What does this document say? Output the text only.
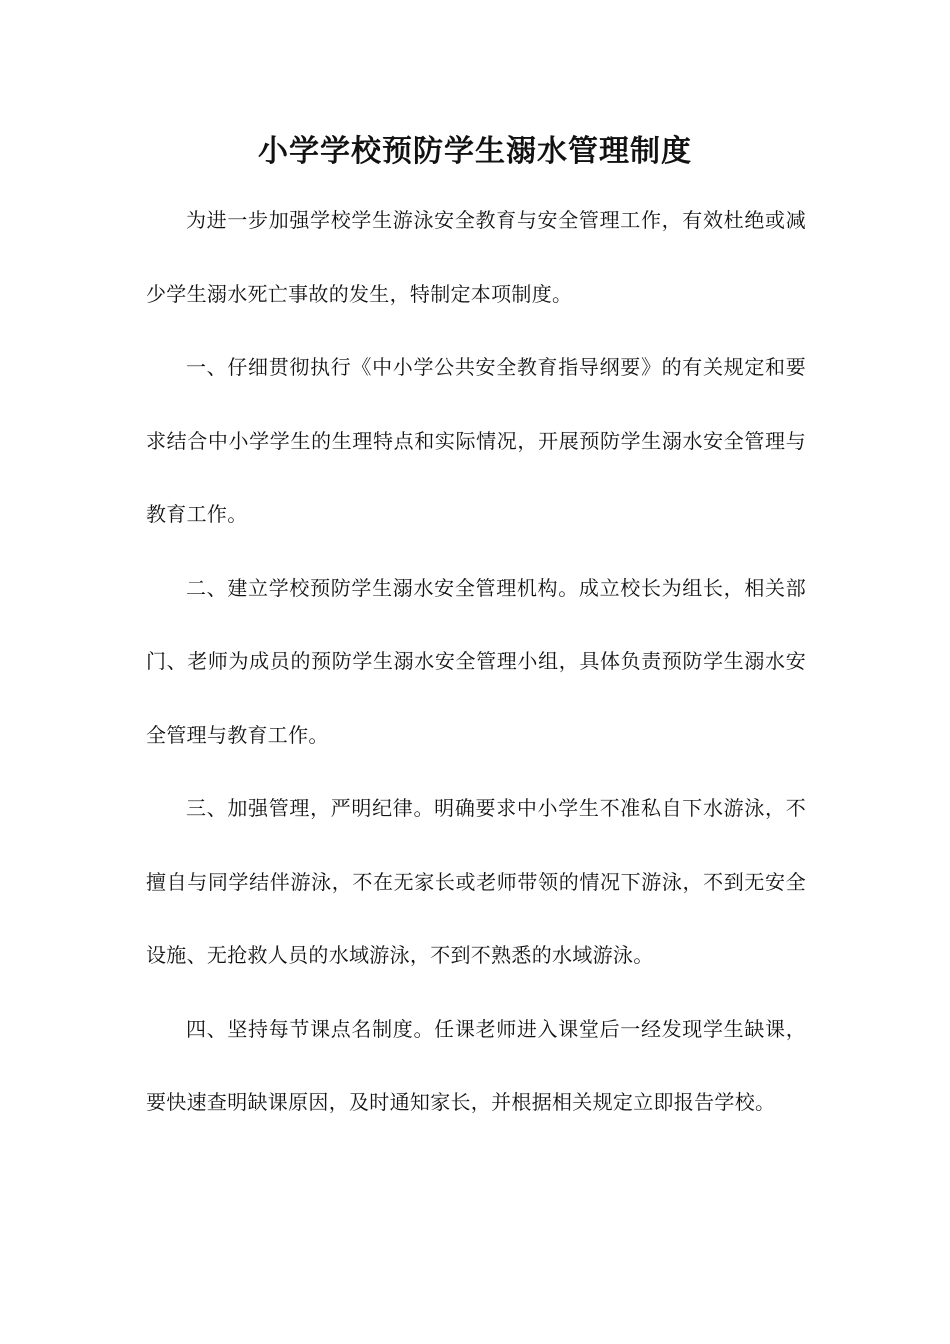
小学学校预防学生溺水管理制度

为进一步加强学校学生游泳安全教育与安全管理工作，有效杜绝或减少学生溺水死亡事故的发生，特制定本项制度。

一、仔细贯彻执行《中小学公共安全教育指导纲要》的有关规定和要求结合中小学学生的生理特点和实际情况，开展预防学生溺水安全管理与教育工作。

二、建立学校预防学生溺水安全管理机构。成立校长为组长，相关部门、老师为成员的预防学生溺水安全管理小组，具体负责预防学生溺水安全管理与教育工作。

三、加强管理，严明纪律。明确要求中小学生不准私自下水游泳，不擅自与同学结伴游泳，不在无家长或老师带领的情况下游泳，不到无安全设施、无抢救人员的水域游泳，不到不熟悉的水域游泳。

四、坚持每节课点名制度。任课老师进入课堂后一经发现学生缺课，要快速查明缺课原因，及时通知家长，并根据相关规定立即报告学校。
